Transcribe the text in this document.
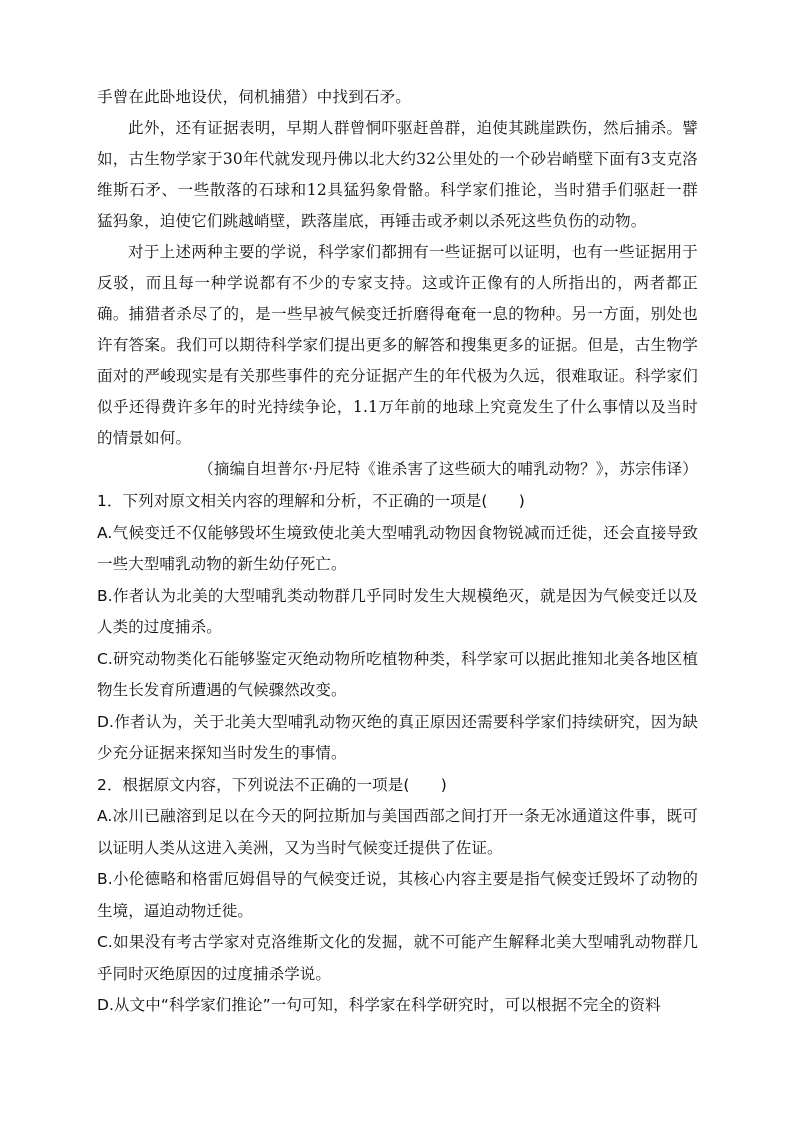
手曾在此卧地设伏，伺机捕猎）中找到石矛。

此外，还有证据表明，早期人群曾恫吓驱赶兽群，迫使其跳崖跌伤，然后捕杀。譬如，古生物学家于30年代就发现丹佛以北大约32公里处的一个砂岩峭壁下面有3支克洛维斯石矛、一些散落的石球和12具猛犸象骨骼。科学家们推论，当时猎手们驱赶一群猛犸象，迫使它们跳越峭壁，跌落崖底，再锤击或矛刺以杀死这些负伤的动物。

对于上述两种主要的学说，科学家们都拥有一些证据可以证明，也有一些证据用于反驳，而且每一种学说都有不少的专家支持。这或许正像有的人所指出的，两者都正确。捕猎者杀尽了的，是一些早被气候变迁折磨得奄奄一息的物种。另一方面，别处也许有答案。我们可以期待科学家们提出更多的解答和搜集更多的证据。但是，古生物学面对的严峻现实是有关那些事件的充分证据产生的年代极为久远，很难取证。科学家们似乎还得费许多年的时光持续争论，1.1万年前的地球上究竟发生了什么事情以及当时的情景如何。

（摘编自坦普尔·丹尼特《谁杀害了这些硕大的哺乳动物？》，苏宗伟译）

1．下列对原文相关内容的理解和分析，不正确的一项是(　　)

A.气候变迁不仅能够毁坏生境致使北美大型哺乳动物因食物锐减而迁徙，还会直接导致一些大型哺乳动物的新生幼仔死亡。

B.作者认为北美的大型哺乳类动物群几乎同时发生大规模绝灭，就是因为气候变迁以及人类的过度捕杀。

C.研究动物类化石能够鉴定灭绝动物所吃植物种类，科学家可以据此推知北美各地区植物生长发育所遭遇的气候骤然改变。

D.作者认为，关于北美大型哺乳动物灭绝的真正原因还需要科学家们持续研究，因为缺少充分证据来探知当时发生的事情。

2．根据原文内容，下列说法不正确的一项是(　　)

A.冰川已融溶到足以在今天的阿拉斯加与美国西部之间打开一条无冰通道这件事，既可以证明人类从这进入美洲，又为当时气候变迁提供了佐证。

B.小伦德略和格雷厄姆倡导的气候变迁说，其核心内容主要是指气候变迁毁坏了动物的生境，逼迫动物迁徙。

C.如果没有考古学家对克洛维斯文化的发掘，就不可能产生解释北美大型哺乳动物群几乎同时灭绝原因的过度捕杀学说。

D.从文中“科学家们推论”一句可知，科学家在科学研究时，可以根据不完全的资料
